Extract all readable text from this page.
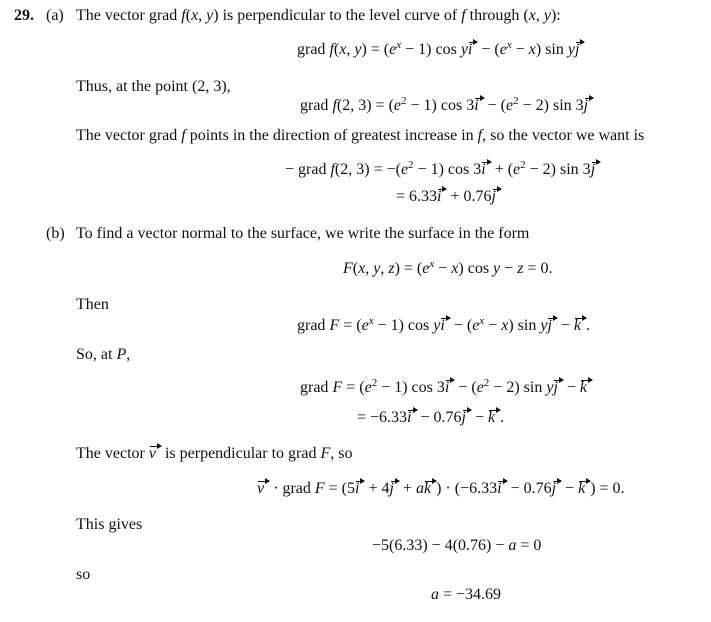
29. (a) The vector grad f(x, y) is perpendicular to the level curve of f through (x, y):
grad f(x, $y) = (e^x - 1)$ cos yi  − $(e^x - x)$ sin yj
Thus, at the point (2, 3),
grad f(2, $3) = (e^2 - 1)$ $\cos 3i - (e^2 - 2)$ sin 3j
The vector grad f points in the direction of greatest increase in f, so the vector we want is
− grad f(2, $3) = -(e^2 - 1)$ $\cos 3i + (e^2 - 2)$ sin 3j
= 6.33i  + 0.76j
(b) To find a vector normal to the surface, we write the surface in the form
F(x, y, $z) = (e^x - x)$ cos y − z = 0.
Then
grad $F = (e^x - 1)$ cos yi  − $(e^x - x)$ sin yj  − k .
So, at P,
grad $F = (e^2 - 1)$ $\cos 3i - (e^2 - 2)$ sin yj  − k
= −6.33i  − 0.76j  − k .
The vector v  is perpendicular to grad F, so
v  · grad F = (5i  + 4j  + ak ) · (−6.33i  − 0.76j  − k ) = 0.
This gives
−5(6.33) − 4(0.76) − a = 0
so
a = −34.69
